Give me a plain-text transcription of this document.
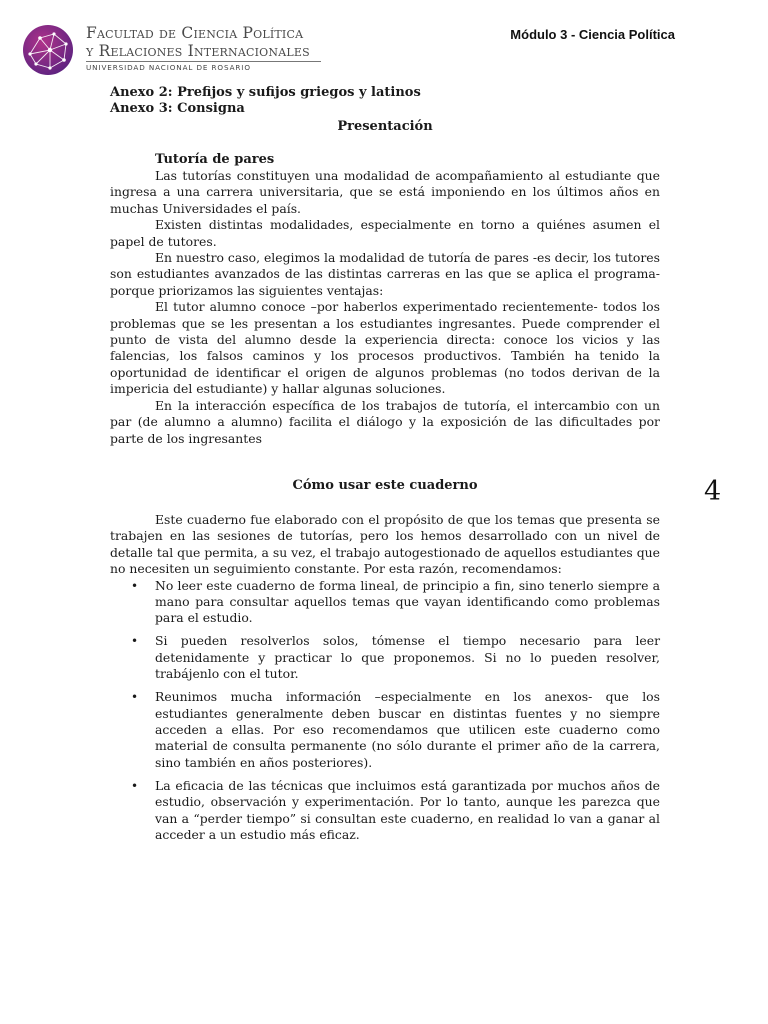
Facultad de Ciencia Política
y Relaciones Internacionales
UNIVERSIDAD NACIONAL DE ROSARIO
Módulo 3 - Ciencia Política
4
Anexo 2: Prefijos y sufijos griegos y latinos
Anexo 3: Consigna
Presentación
Tutoría de pares

Las tutorías constituyen una modalidad de acompañamiento al estudiante que ingresa a una carrera universitaria, que se está imponiendo en los últimos años en muchas Universidades el país.

Existen distintas modalidades, especialmente en torno a quiénes asumen el papel de tutores.

En nuestro caso, elegimos la modalidad de tutoría de pares -es decir, los tutores son estudiantes avanzados de las distintas carreras en las que se aplica el programa- porque priorizamos las siguientes ventajas:

El tutor alumno conoce –por haberlos experimentado recientemente- todos los problemas que se les presentan a los estudiantes ingresantes. Puede comprender el punto de vista del alumno desde la experiencia directa: conoce los vicios y las falencias, los falsos caminos y los procesos productivos. También ha tenido la oportunidad de identificar el origen de algunos problemas (no todos derivan de la impericia del estudiante) y hallar algunas soluciones.

En la interacción específica de los trabajos de tutoría, el intercambio con un par (de alumno a alumno) facilita el diálogo y la exposición de las dificultades por parte de los ingresantes

Cómo usar este cuaderno

Este cuaderno fue elaborado con el propósito de que los temas que presenta se trabajen en las sesiones de tutorías, pero los hemos desarrollado con un nivel de detalle tal que permita, a su vez, el trabajo autogestionado de aquellos estudiantes que no necesiten un seguimiento constante. Por esta razón, recomendamos:

• No leer este cuaderno de forma lineal, de principio a fin, sino tenerlo siempre a mano para consultar aquellos temas que vayan identificando como problemas para el estudio.
• Si pueden resolverlos solos, tómense el tiempo necesario para leer detenidamente y practicar lo que proponemos. Si no lo pueden resolver, trabájenlo con el tutor.
• Reunimos mucha información –especialmente en los anexos- que los estudiantes generalmente deben buscar en distintas fuentes y no siempre acceden a ellas. Por eso recomendamos que utilicen este cuaderno como material de consulta permanente (no sólo durante el primer año de la carrera, sino también en años posteriores).
• La eficacia de las técnicas que incluimos está garantizada por muchos años de estudio, observación y experimentación. Por lo tanto, aunque les parezca que van a “perder tiempo” si consultan este cuaderno, en realidad lo van a ganar al acceder a un estudio más eficaz.
